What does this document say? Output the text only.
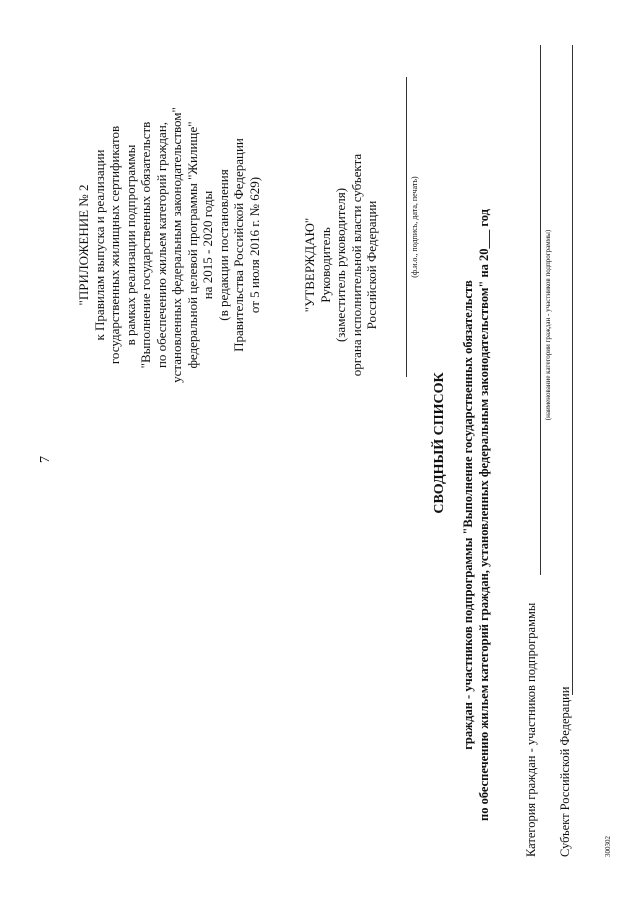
7
"ПРИЛОЖЕНИЕ № 2 к Правилам выпуска и реализации государственных жилищных сертификатов в рамках реализации подпрограммы "Выполнение государственных обязательств по обеспечению жильем категорий граждан, установленных федеральным законодательством" федеральной целевой программы "Жилище" на 2015 - 2020 годы (в редакции постановления Правительства Российской Федерации от 5 июля 2016 г. № 629)	"УТВЕРЖДАЮ" Руководитель (заместитель руководителя) органа исполнительной власти субъекта Российской Федерации	(ф.и.о., подпись, дата, печать)
СВОДНЫЙ СПИСОК граждан - участников подпрограммы "Выполнение государственных обязательств по обеспечению жильем категорий граждан, установленных федеральным законодательством" на 20___ год	Категория граждан - участников подпрограммы
(наименование категории граждан - участников подпрограммы)
Субъект Российской Федерации	300302
